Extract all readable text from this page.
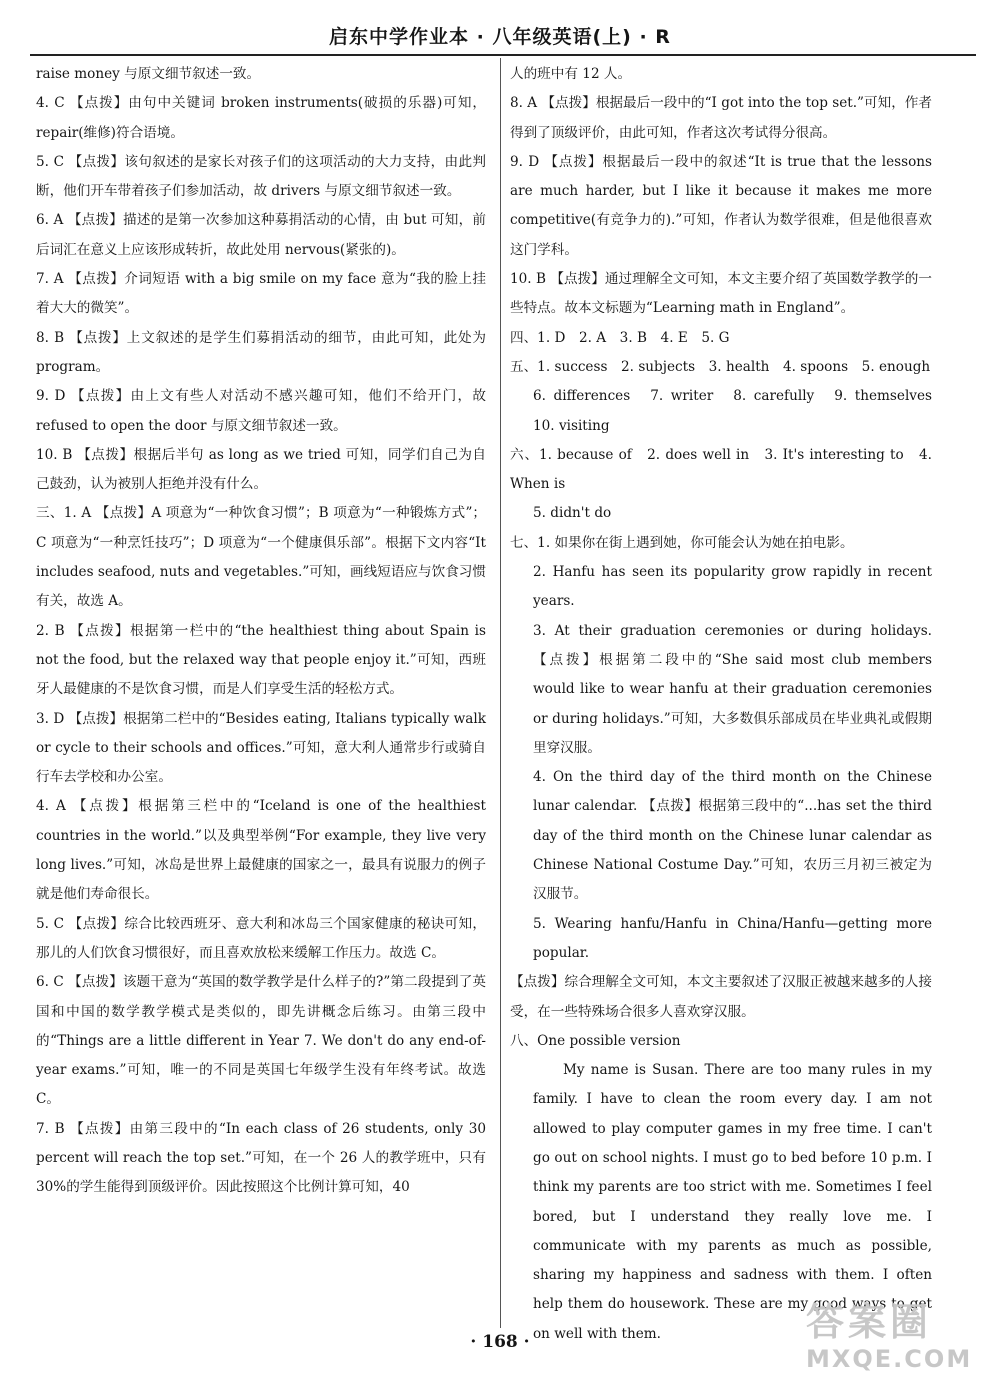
启东中学作业本 · 八年级英语(上) · R

raise money 与原文细节叙述一致。

4. C 【点拨】由句中关键词 broken instruments(破损的乐器)可知，repair(维修)符合语境。

5. C 【点拨】该句叙述的是家长对孩子们的这项活动的大力支持，由此判断，他们开车带着孩子们参加活动，故 drivers 与原文细节叙述一致。

6. A 【点拨】描述的是第一次参加这种募捐活动的心情，由 but 可知，前后词汇在意义上应该形成转折，故此处用 nervous(紧张的)。

7. A 【点拨】介词短语 with a big smile on my face 意为“我的脸上挂着大大的微笑”。

8. B 【点拨】上文叙述的是学生们募捐活动的细节，由此可知，此处为 program。

9. D 【点拨】由上文有些人对活动不感兴趣可知，他们不给开门，故 refused to open the door 与原文细节叙述一致。

10. B 【点拨】根据后半句 as long as we tried 可知，同学们自己为自己鼓劲，认为被别人拒绝并没有什么。

三、1. A 【点拨】A 项意为“一种饮食习惯”；B 项意为“一种锻炼方式”；C 项意为“一种烹饪技巧”；D 项意为“一个健康俱乐部”。根据下文内容“It includes seafood, nuts and vegetables.”可知，画线短语应与饮食习惯有关，故选 A。

2. B 【点拨】根据第一栏中的“the healthiest thing about Spain is not the food, but the relaxed way that people enjoy it.”可知，西班牙人最健康的不是饮食习惯，而是人们享受生活的轻松方式。

3. D 【点拨】根据第二栏中的“Besides eating, Italians typically walk or cycle to their schools and offices.”可知，意大利人通常步行或骑自行车去学校和办公室。

4. A 【点拨】根据第三栏中的“Iceland is one of the healthiest countries in the world.”以及典型举例“For example, they live very long lives.”可知，冰岛是世界上最健康的国家之一，最具有说服力的例子就是他们寿命很长。

5. C 【点拨】综合比较西班牙、意大利和冰岛三个国家健康的秘诀可知，那儿的人们饮食习惯很好，而且喜欢放松来缓解工作压力。故选 C。

6. C 【点拨】该题干意为“英国的数学教学是什么样子的?”第二段提到了英国和中国的数学教学模式是类似的，即先讲概念后练习。由第三段中的“Things are a little different in Year 7. We don't do any end-of-year exams.”可知，唯一的不同是英国七年级学生没有年终考试。故选 C。

7. B 【点拨】由第三段中的“In each class of 26 students, only 30 percent will reach the top set.”可知，在一个 26 人的教学班中，只有 30%的学生能得到顶级评价。因此按照这个比例计算可知，40

人的班中有 12 人。

8. A 【点拨】根据最后一段中的“I got into the top set.”可知，作者得到了顶级评价，由此可知，作者这次考试得分很高。

9. D 【点拨】根据最后一段中的叙述“It is true that the lessons are much harder, but I like it because it makes me more competitive(有竞争力的).”可知，作者认为数学很难，但是他很喜欢这门学科。

10. B 【点拨】通过理解全文可知，本文主要介绍了英国数学教学的一些特点。故本文标题为“Learning math in England”。

四、1. D　2. A　3. B　4. E　5. G

五、1. success　2. subjects　3. health　4. spoons　5. enough

6. differences　7. writer　8. carefully　9. themselves　10. visiting

六、1. because of　2. does well in　3. It's interesting to　4. When is

5. didn't do

七、1. 如果你在街上遇到她，你可能会认为她在拍电影。

2. Hanfu has seen its popularity grow rapidly in recent years.

3. At their graduation ceremonies or during holidays. 【点拨】根据第二段中的“She said most club members would like to wear hanfu at their graduation ceremonies or during holidays.”可知，大多数俱乐部成员在毕业典礼或假期里穿汉服。

4. On the third day of the third month on the Chinese lunar calendar. 【点拨】根据第三段中的“...has set the third day of the third month on the Chinese lunar calendar as Chinese National Costume Day.”可知，农历三月初三被定为汉服节。

5. Wearing hanfu/Hanfu in China/Hanfu—getting more popular.

【点拨】综合理解全文可知，本文主要叙述了汉服正被越来越多的人接受，在一些特殊场合很多人喜欢穿汉服。

八、One possible version

My name is Susan. There are too many rules in my family. I have to clean the room every day. I am not allowed to play computer games in my free time. I can't go out on school nights. I must go to bed before 10 p.m. I think my parents are too strict with me. Sometimes I feel bored, but I understand they really love me. I communicate with my parents as much as possible, sharing my happiness and sadness with them. I often help them do housework. These are my good ways to get on well with them.

· 168 ·	答案圈
MXQE.COM
